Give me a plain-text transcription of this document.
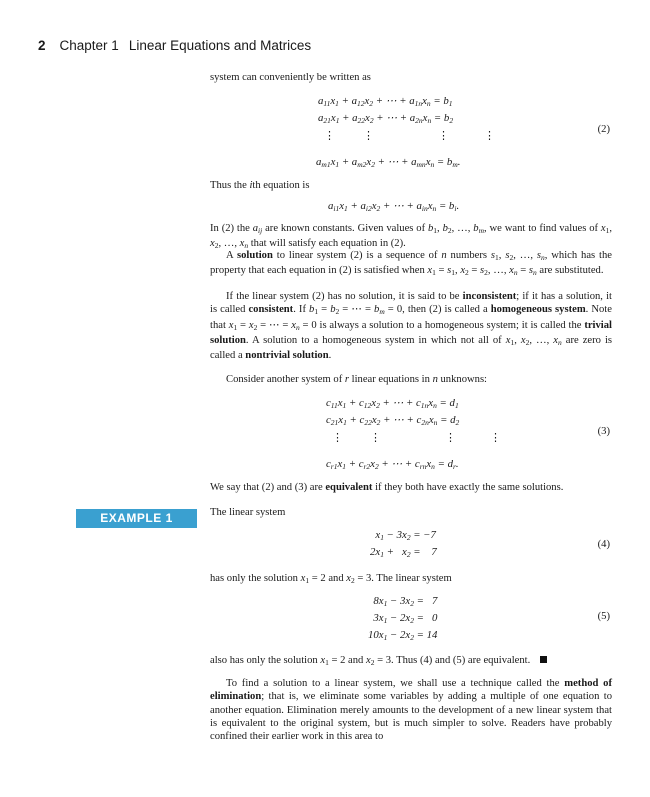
2 Chapter 1 Linear Equations and Matrices
system can conveniently be written as
$a_{11}x_1 + a_{12}x_2$ + ⋯ + $a_{1n}x_n = b_1$
$a_{21}x_1 + a_{22}x_2$ + ⋯ + $a_{2n}x_n = b_2$
⋮	⋮	⋮	⋮
$a_{m1}x_1 + a_{m2}x_2$ + ⋯ + $a_{mn}x_n = b_m$.
(2)
Thus the ith equation is
$a_{i1}x_1 + a_{i2}x_2$ + ⋯ + $a_{in}x_n = b_i$.
In (2) the $a_{ij}$ are known constants. Given values of $b_1$, $b_2$, …, $b_m$, we want to find values of $x_1$, $x_2$, …, $x_n$ that will satisfy each equation in (2).
A solution to linear system (2) is a sequence of n numbers $s_1$, $s_2$, …, $s_n$, which has the property that each equation in (2) is satisfied when $x_1 = s_1$, $x_2 = s_2$, …, $x_n = s_n$ are substituted.
If the linear system (2) has no solution, it is said to be inconsistent; if it has a solution, it is called consistent. If $b_1 = b_2$ = ⋯ = $b_m = 0$, then (2) is called a homogeneous system. Note that $x_1 = x_2$ = ⋯ = $x_n = 0$ is always a solution to a homogeneous system; it is called the trivial solution. A solution to a homogeneous system in which not all of $x_1$, $x_2$, …, $x_n$ are zero is called a nontrivial solution.
Consider another system of r linear equations in n unknowns:
$c_{11}x_1 + c_{12}x_2$ + ⋯ + $c_{1n}x_n = d_1$
$c_{21}x_1 + c_{22}x_2$ + ⋯ + $c_{2n}x_n = d_2$
⋮	⋮	⋮	⋮
$c_{r1}x_1 + c_{r2}x_2$ + ⋯ + $c_{rn}x_n = d_r$.
(3)
We say that (2) and (3) are equivalent if they both have exactly the same solutions.
EXAMPLE 1	The linear system
$x_1 - 3x_2 = -7$
$2x_1 + x_2$ =    7
(4)
has only the solution $x_1 = 2$ and $x_2 = 3$. The linear system
$8x_1 - 3x_2 = 7$
$3x_1 - 2x_2 = 0$
$10x_1 - 2x_2 = 14$
(5)
also has only the solution $x_1 = 2$ and $x_2 = 3$. Thus (4) and (5) are equivalent.
To find a solution to a linear system, we shall use a technique called the method of elimination; that is, we eliminate some variables by adding a multiple of one equation to another equation. Elimination merely amounts to the development of a new linear system that is equivalent to the original system, but is much simpler to solve. Readers have probably confined their earlier work in this area to
